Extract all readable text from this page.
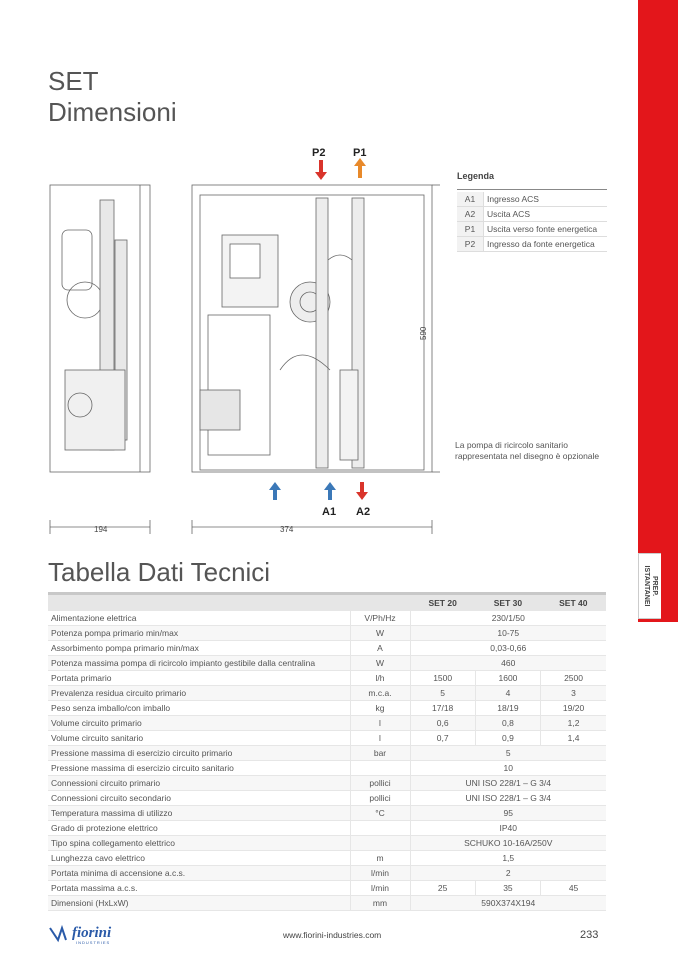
PREP.
ISTANTANEI
SET
Dimensioni
P2	P1
A1 A2
194	374
590
Legenda
A1	Ingresso ACS
A2	Uscita ACS
P1	Uscita verso fonte energetica
P2	Ingresso da fonte energetica
La pompa di ricircolo sanitario rappresentata nel disegno è opzionale
Tabella Dati Tecnici
		SET 20	SET 30	SET 40
Alimentazione elettrica	V/Ph/Hz	230/1/50		
Potenza pompa primario min/max	W	10-75		
Assorbimento pompa primario min/max	A	0,03-0,66		
Potenza massima pompa di ricircolo impianto gestibile dalla centralina	W	460		
Portata primario	l/h	1500	1600	2500
Prevalenza residua circuito primario	m.c.a.	5	4	3
Peso senza imballo/con imballo	kg	17/18	18/19	19/20
Volume circuito primario	l	0,6	0,8	1,2
Volume circuito sanitario	l	0,7	0,9	1,4
Pressione massima di esercizio circuito primario	bar	5		
Pressione massima di esercizio circuito sanitario		10		
Connessioni circuito primario	pollici	UNI ISO 228/1 – G 3/4		
Connessioni circuito secondario	pollici	UNI ISO 228/1 – G 3/4		
Temperatura massima di utilizzo	°C	95		
Grado di protezione elettrico		IP40		
Tipo spina collegamento elettrico		SCHUKO 10-16A/250V		
Lunghezza cavo elettrico	m	1,5		
Portata minima di accensione a.c.s.	l/min	2		
Portata massima a.c.s.	l/min	25	35	45
Dimensioni (HxLxW)	mm	590X374X194		
fiorini
INDUSTRIES
www.fiorini-industries.com	233
